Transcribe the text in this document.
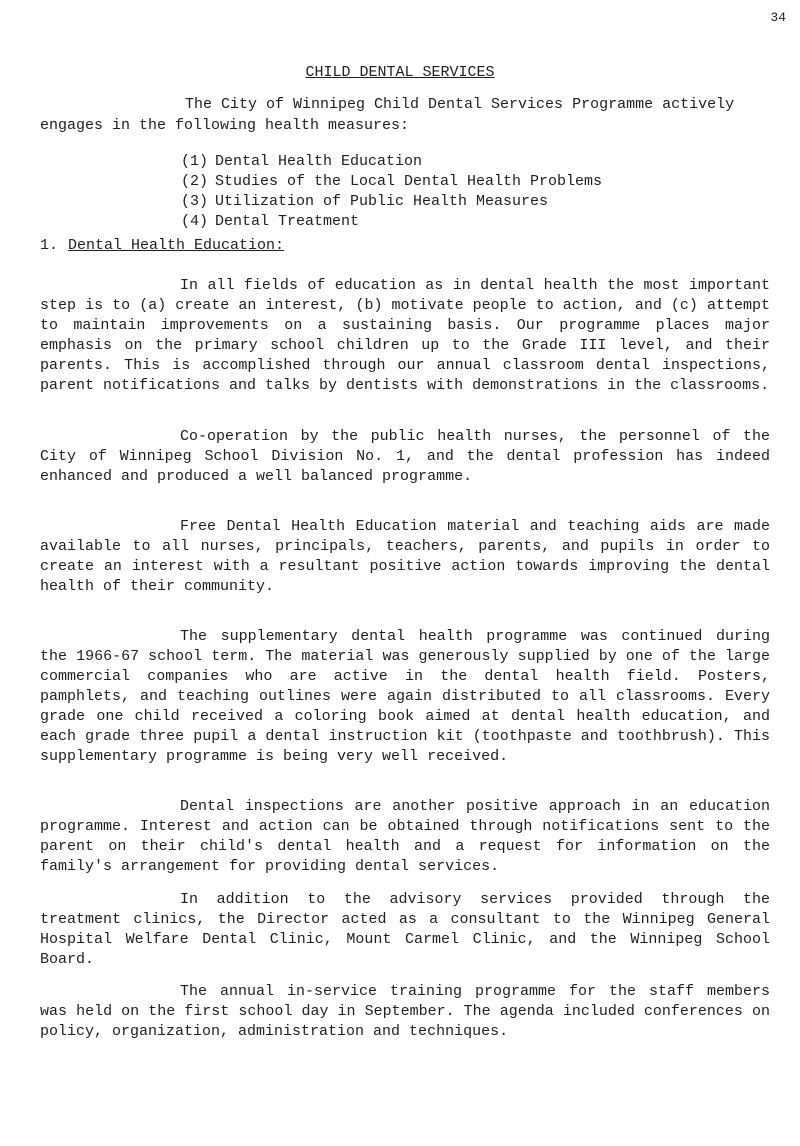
34
CHILD DENTAL SERVICES
The City of Winnipeg Child Dental Services Programme actively engages in the following health measures:
(1) Dental Health Education
(2) Studies of the Local Dental Health Problems
(3) Utilization of Public Health Measures
(4) Dental Treatment
1. Dental Health Education:

In all fields of education as in dental health the most important step is to (a) create an interest, (b) motivate people to action, and (c) attempt to maintain improvements on a sustaining basis. Our programme places major emphasis on the primary school children up to the Grade III level, and their parents. This is accomplished through our annual classroom dental inspections, parent notifications and talks by dentists with demonstrations in the classrooms.

Co-operation by the public health nurses, the personnel of the City of Winnipeg School Division No. 1, and the dental profession has indeed enhanced and produced a well balanced programme.

Free Dental Health Education material and teaching aids are made available to all nurses, principals, teachers, parents, and pupils in order to create an interest with a resultant positive action towards improving the dental health of their community.

The supplementary dental health programme was continued during the 1966-67 school term. The material was generously supplied by one of the large commercial companies who are active in the dental health field. Posters, pamphlets, and teaching outlines were again distributed to all classrooms. Every grade one child received a coloring book aimed at dental health education, and each grade three pupil a dental instruction kit (toothpaste and toothbrush). This supplementary programme is being very well received.

Dental inspections are another positive approach in an education programme. Interest and action can be obtained through notifications sent to the parent on their child's dental health and a request for information on the family's arrangement for providing dental services.

In addition to the advisory services provided through the treatment clinics, the Director acted as a consultant to the Winnipeg General Hospital Welfare Dental Clinic, Mount Carmel Clinic, and the Winnipeg School Board.

The annual in-service training programme for the staff members was held on the first school day in September. The agenda included conferences on policy, organization, administration and techniques.
